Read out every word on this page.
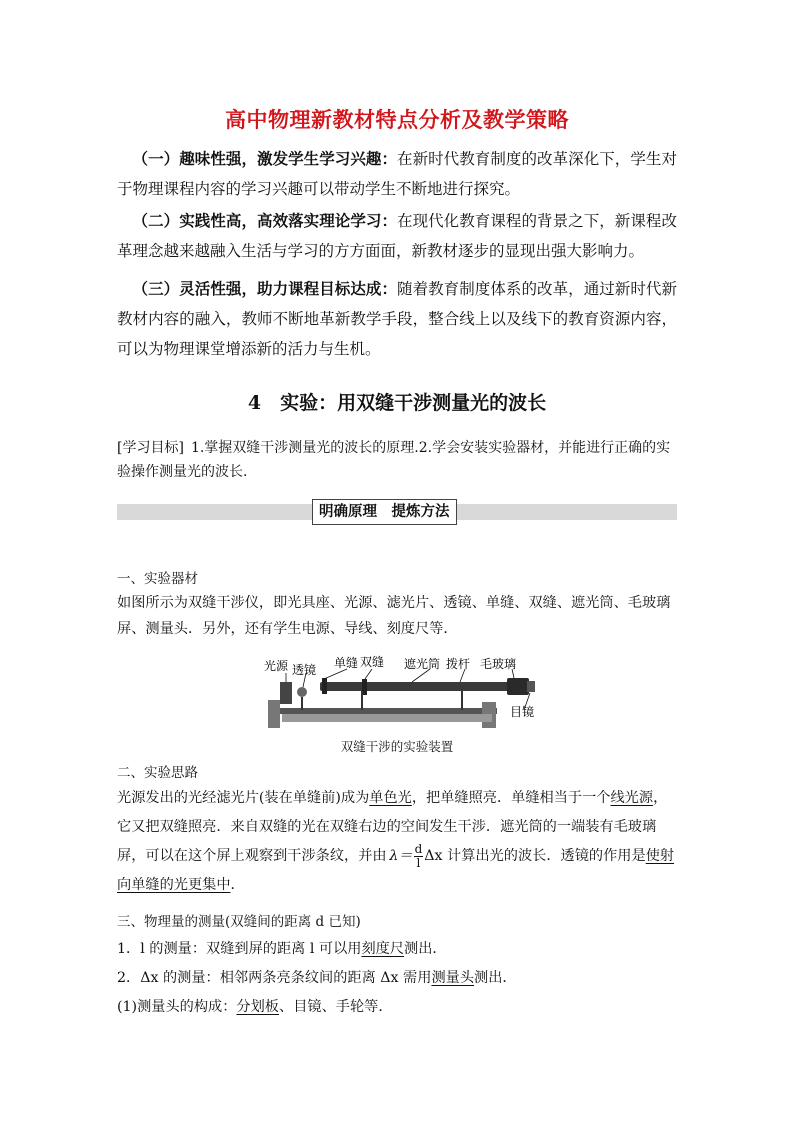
高中物理新教材特点分析及教学策略
 （一）趣味性强，激发学生学习兴趣：在新时代教育制度的改革深化下，学生对于物理课程内容的学习兴趣可以带动学生不断地进行探究。
 （二）实践性高，高效落实理论学习：在现代化教育课程的背景之下，新课程改革理念越来越融入生活与学习的方方面面，新教材逐步的显现出强大影响力。
 （三）灵活性强，助力课程目标达成：随着教育制度体系的改革，通过新时代新教材内容的融入，教师不断地革新教学手段，整合线上以及线下的教育资源内容，可以为物理课堂增添新的活力与生机。
4　实验：用双缝干涉测量光的波长
[学习目标]  1.掌握双缝干涉测量光的波长的原理.2.学会安装实验器材，并能进行正确的实验操作测量光的波长.
明确原理　提炼方法
一、实验器材
如图所示为双缝干涉仪，即光具座、光源、滤光片、透镜、单缝、双缝、遮光筒、毛玻璃屏、测量头．另外，还有学生电源、导线、刻度尺等．
光源 透镜 单缝 双缝 遮光筒 拨杆 毛玻璃
目镜
双缝干涉的实验装置
二、实验思路
光源发出的光经滤光片(装在单缝前)成为单色光，把单缝照亮．单缝相当于一个线光源，它又把双缝照亮．来自双缝的光在双缝右边的空间发生干涉．遮光筒的一端装有毛玻璃屏，可以在这个屏上观察到干涉条纹，并由  $\lambda= \frac{d}{l}$ Δx 计算出光的波长．透镜的作用是使射向单缝的光更集中．
三、物理量的测量(双缝间的距离 d 已知)
1．l 的测量：双缝到屏的距离 l 可以用刻度尺测出．
2．Δx 的测量：相邻两条亮条纹间的距离 Δx 需用测量头测出．
(1)测量头的构成：分划板、目镜、手轮等．
